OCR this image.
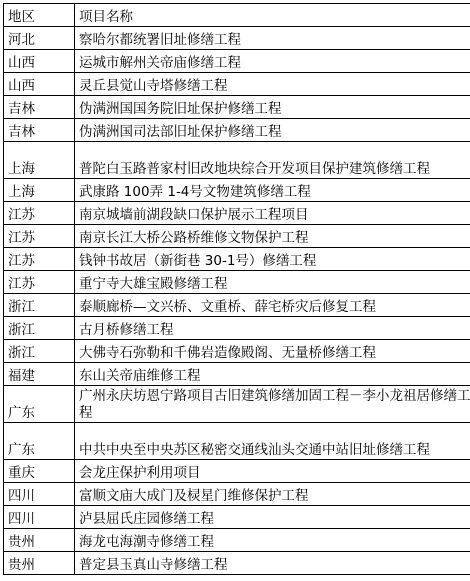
地区	项目名称
河北	察哈尔都统署旧址修缮工程
山西	运城市解州关帝庙修缮工程
山西	灵丘县觉山寺塔修缮工程
吉林	伪满洲国国务院旧址保护修缮工程
吉林	伪满洲国司法部旧址保护修缮工程
上海	普陀白玉路普家村旧改地块综合开发项目保护建筑修缮工程
上海	武康路 100弄 1-4号文物建筑修缮工程
江苏	南京城墙前湖段缺口保护展示工程项目
江苏	南京长江大桥公路桥维修文物保护工程
江苏	钱钟书故居（新街巷 30-1号）修缮工程
江苏	重宁寺大雄宝殿修缮工程
浙江	泰顺廊桥—文兴桥、文重桥、薛宅桥灾后修复工程
浙江	古月桥修缮工程
浙江	大佛寺石弥勒和千佛岩造像殿阁、无量桥修缮工程
福建	东山关帝庙维修工程
广东	广州永庆坊恩宁路项目古旧建筑修缮加固工程－李小龙祖居修缮工程
广东	中共中央至中央苏区秘密交通线汕头交通中站旧址修缮工程
重庆	会龙庄保护利用项目
四川	富顺文庙大成门及棂星门维修保护工程
四川	泸县屈氏庄园修缮工程
贵州	海龙屯海潮寺修缮工程
贵州	普定县玉真山寺修缮工程
